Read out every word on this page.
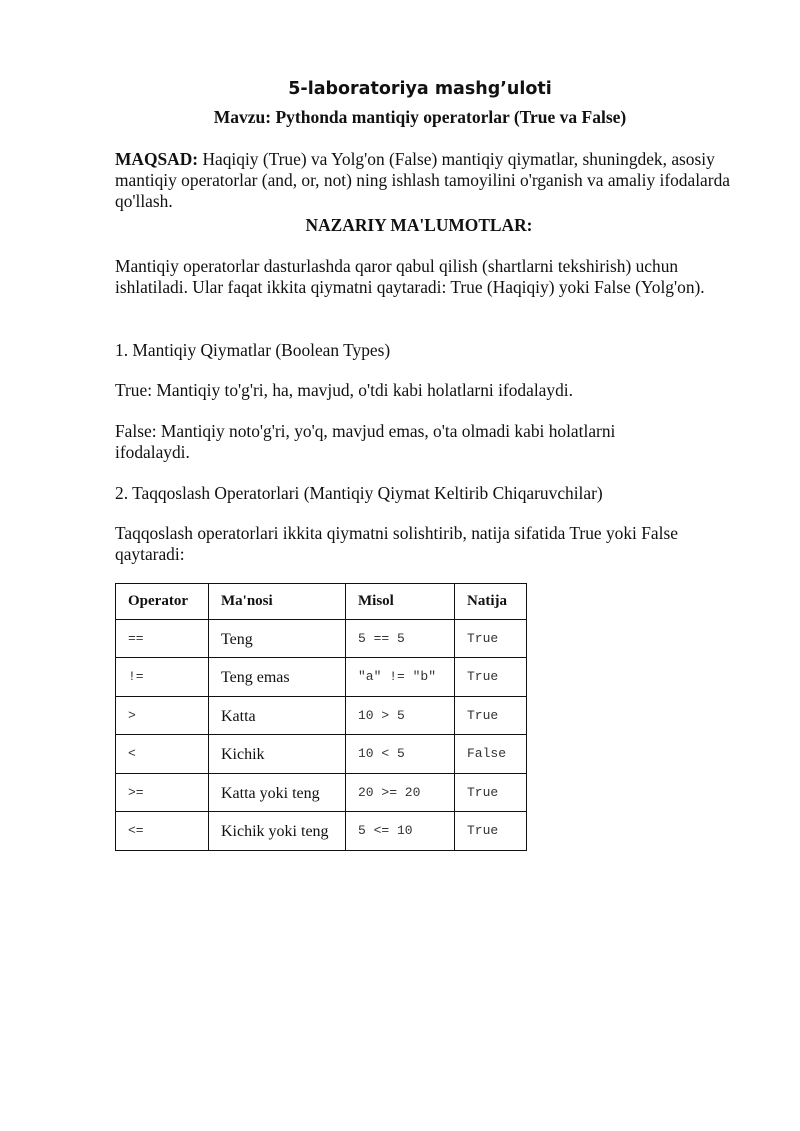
5-laboratoriya mashg’uloti
Mavzu: Pythonda mantiqiy operatorlar (True va False)

MAQSAD: Haqiqiy (True) va Yolg'on (False) mantiqiy qiymatlar, shuningdek, asosiy mantiqiy operatorlar (and, or, not) ning ishlash tamoyilini o'rganish va amaliy ifodalarda qo'llash.

NAZARIY MA'LUMOTLAR:

Mantiqiy operatorlar dasturlashda qaror qabul qilish (shartlarni tekshirish) uchun ishlatiladi. Ular faqat ikkita qiymatni qaytaradi: True (Haqiqiy) yoki False (Yolg'on).

1. Mantiqiy Qiymatlar (Boolean Types)

True: Mantiqiy to'g'ri, ha, mavjud, o'tdi kabi holatlarni ifodalaydi.

False: Mantiqiy noto'g'ri, yo'q, mavjud emas, o'ta olmadi kabi holatlarni ifodalaydi.

2. Taqqoslash Operatorlari (Mantiqiy Qiymat Keltirib Chiqaruvchilar)

Taqqoslash operatorlari ikkita qiymatni solishtirib, natija sifatida True yoki False qaytaradi:

Operator	Ma'nosi	Misol	Natija
==	Teng	5 == 5	True
!=	Teng emas	"a" != "b"	True
>	Katta	10 > 5	True
<	Kichik	10 < 5	False
>=	Katta yoki teng	20 >= 20	True
<=	Kichik yoki teng	5 <= 10	True
